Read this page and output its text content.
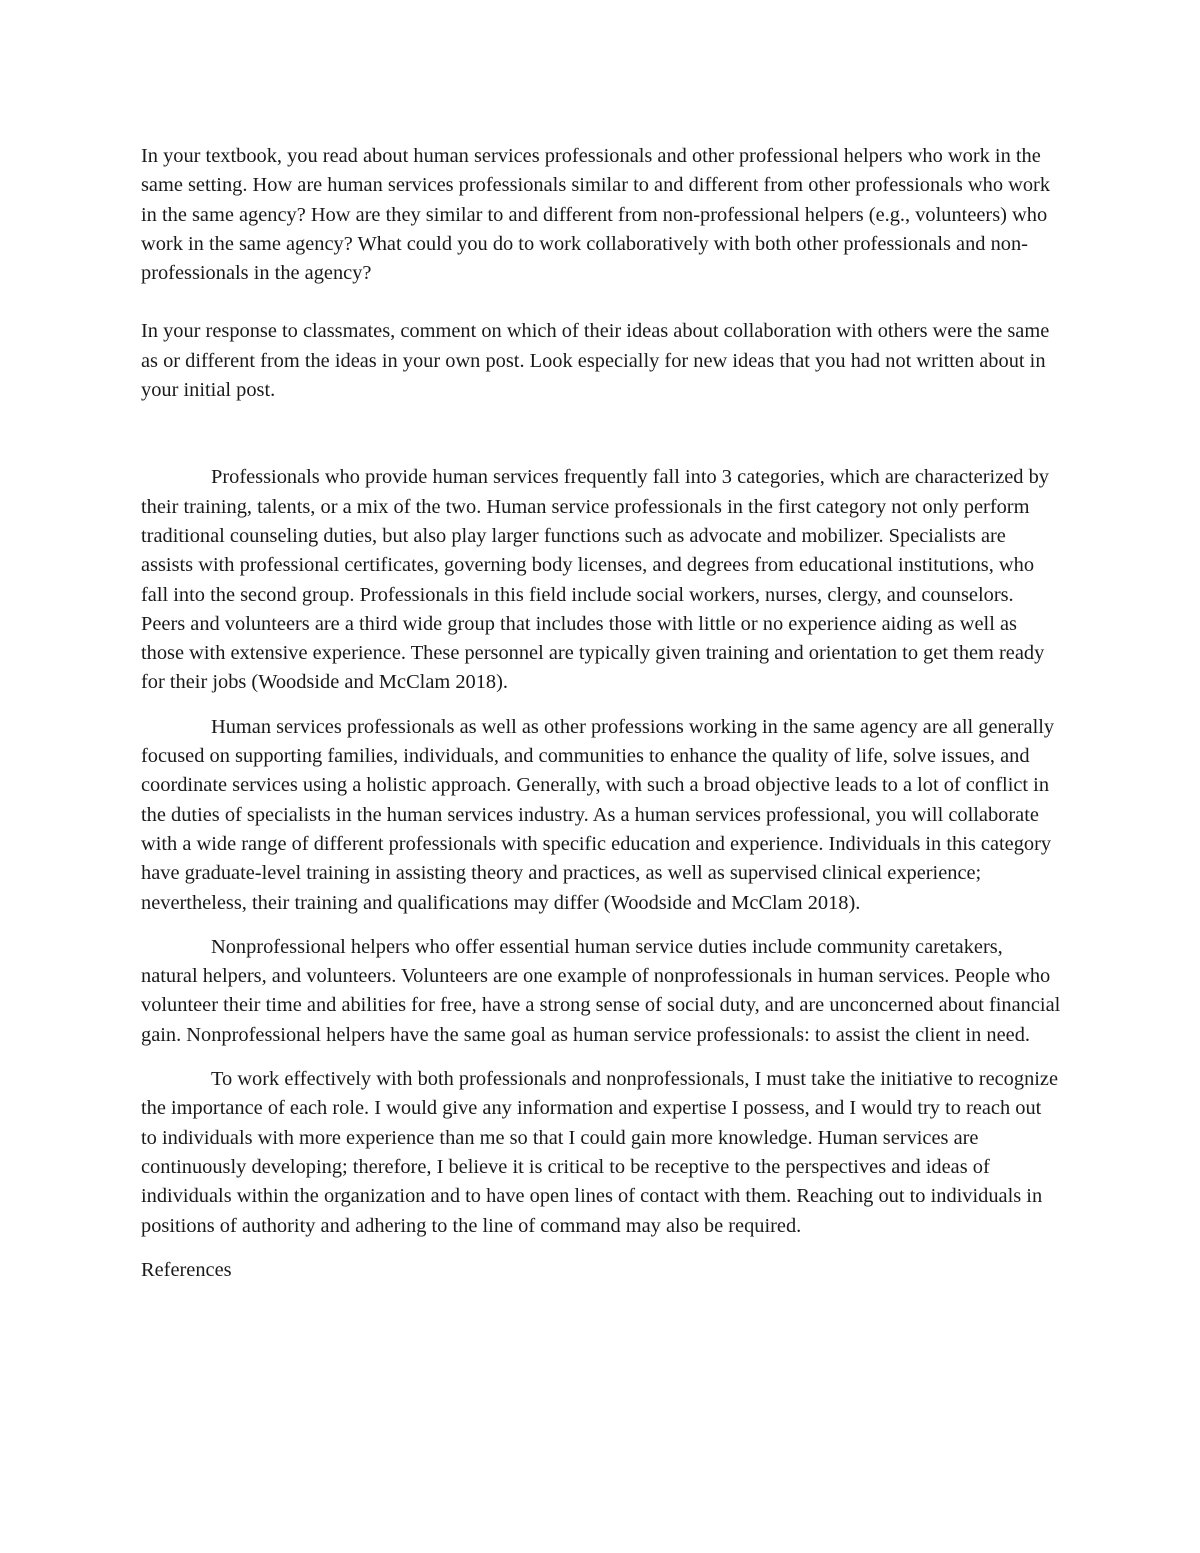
In your textbook, you read about human services professionals and other professional helpers who work in the same setting. How are human services professionals similar to and different from other professionals who work in the same agency? How are they similar to and different from non-professional helpers (e.g., volunteers) who work in the same agency? What could you do to work collaboratively with both other professionals and non-professionals in the agency?

In your response to classmates, comment on which of their ideas about collaboration with others were the same as or different from the ideas in your own post. Look especially for new ideas that you had not written about in your initial post.

Professionals who provide human services frequently fall into 3 categories, which are characterized by their training, talents, or a mix of the two. Human service professionals in the first category not only perform traditional counseling duties, but also play larger functions such as advocate and mobilizer. Specialists are assists with professional certificates, governing body licenses, and degrees from educational institutions, who fall into the second group. Professionals in this field include social workers, nurses, clergy, and counselors. Peers and volunteers are a third wide group that includes those with little or no experience aiding as well as those with extensive experience. These personnel are typically given training and orientation to get them ready for their jobs (Woodside and McClam 2018).

Human services professionals as well as other professions working in the same agency are all generally focused on supporting families, individuals, and communities to enhance the quality of life, solve issues, and coordinate services using a holistic approach. Generally, with such a broad objective leads to a lot of conflict in the duties of specialists in the human services industry. As a human services professional, you will collaborate with a wide range of different professionals with specific education and experience. Individuals in this category have graduate-level training in assisting theory and practices, as well as supervised clinical experience; nevertheless, their training and qualifications may differ (Woodside and McClam 2018).

Nonprofessional helpers who offer essential human service duties include community caretakers, natural helpers, and volunteers. Volunteers are one example of nonprofessionals in human services. People who volunteer their time and abilities for free, have a strong sense of social duty, and are unconcerned about financial gain. Nonprofessional helpers have the same goal as human service professionals: to assist the client in need.

To work effectively with both professionals and nonprofessionals, I must take the initiative to recognize the importance of each role. I would give any information and expertise I possess, and I would try to reach out to individuals with more experience than me so that I could gain more knowledge. Human services are continuously developing; therefore, I believe it is critical to be receptive to the perspectives and ideas of individuals within the organization and to have open lines of contact with them. Reaching out to individuals in positions of authority and adhering to the line of command may also be required.

References
